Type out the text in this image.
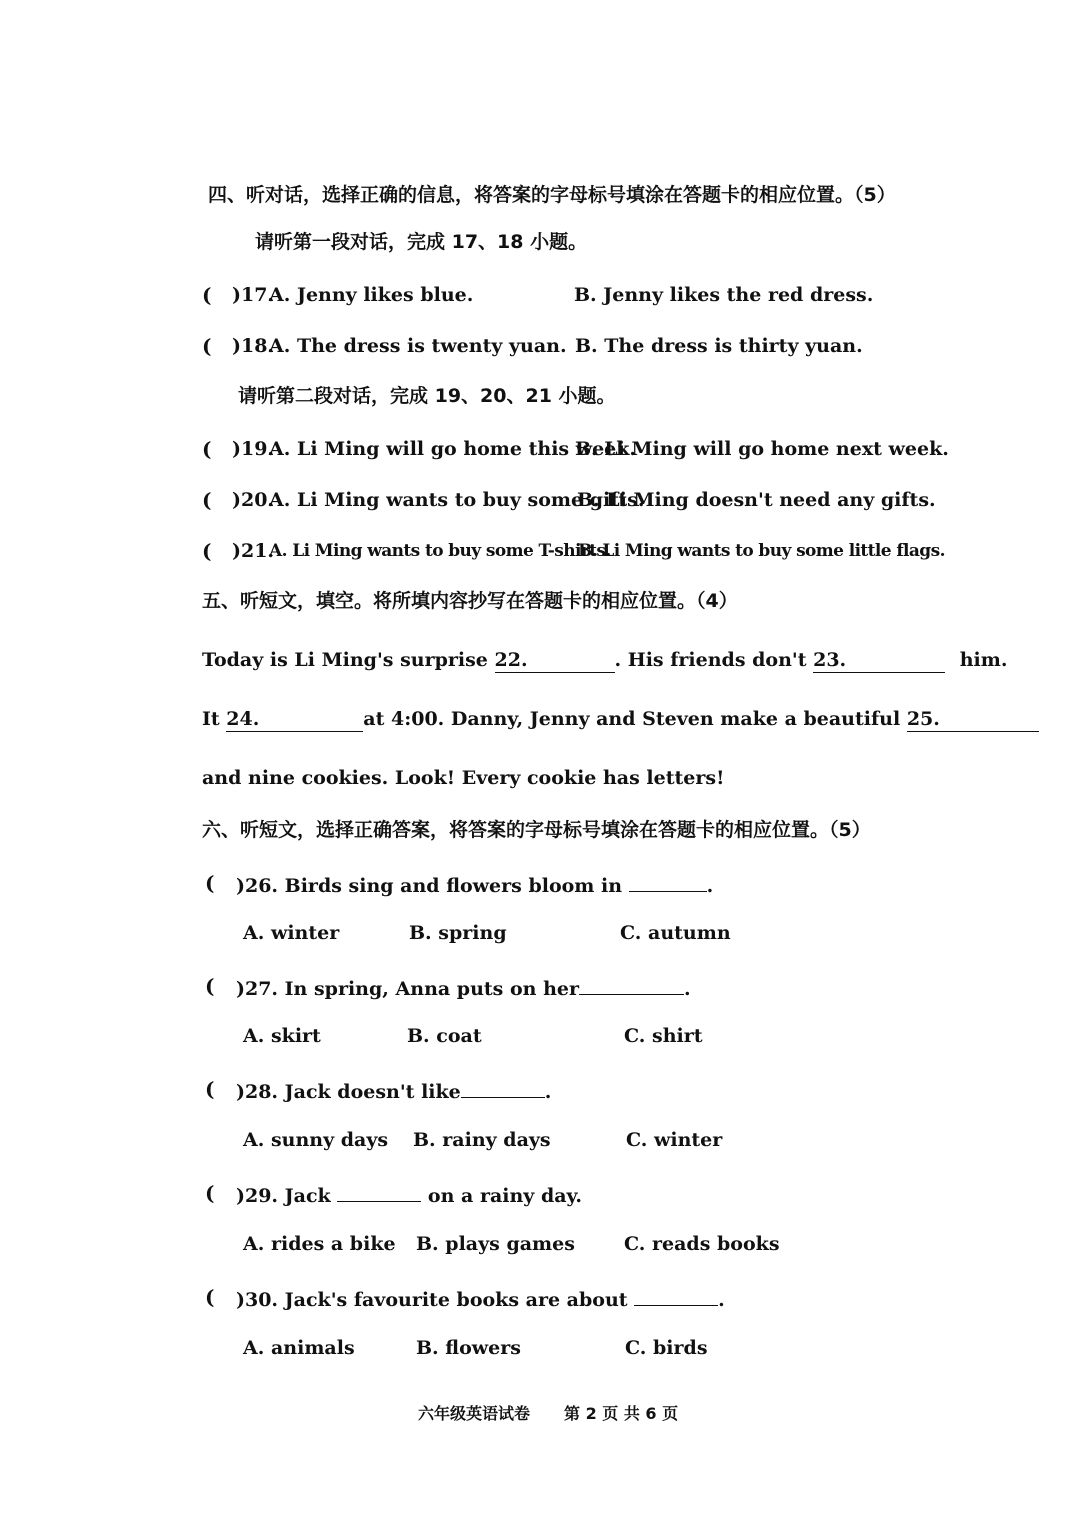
四、听对话，选择正确的信息，将答案的字母标号填涂在答题卡的相应位置。（5）
请听第一段对话，完成 17、18 小题。
( )17.
A. Jenny likes blue.	B. Jenny likes the red dress.
( )18.
A. The dress is twenty yuan. B. The dress is thirty yuan.
请听第二段对话，完成 19、20、21 小题。
( )19.
A. Li Ming will go home this week.
B. Li Ming will go home next week.
( )20.
A. Li Ming wants to buy some gifts.
B. Li Ming doesn't need any gifts.
( )21.
A. Li Ming wants to buy some T-shirts.
B. Li Ming wants to buy some little flags.
五、听短文，填空。将所填内容抄写在答题卡的相应位置。（4）
Today is Li Ming's surprise 22.	. His friends don't 23.	him.
It 24.	at 4:00. Danny, Jenny and Steven make a beautiful 25.
and nine cookies. Look! Every cookie has letters!
六、听短文，选择正确答案，将答案的字母标号填涂在答题卡的相应位置。（5）
( )26. Birds sing and flowers bloom in	.
A. winter	B. spring	C. autumn
( )27. In spring, Anna puts on her	.
A. skirt	B. coat	C. shirt
( )28. Jack doesn't like	.
A. sunny days B. rainy days	C. winter
( )29. Jack	on a rainy day.
A. rides a bike B. plays games	C. reads books
( )30. Jack's favourite books are about	.
A. animals	B. flowers	C. birds
六年级英语试卷 第 2 页 共 6 页
